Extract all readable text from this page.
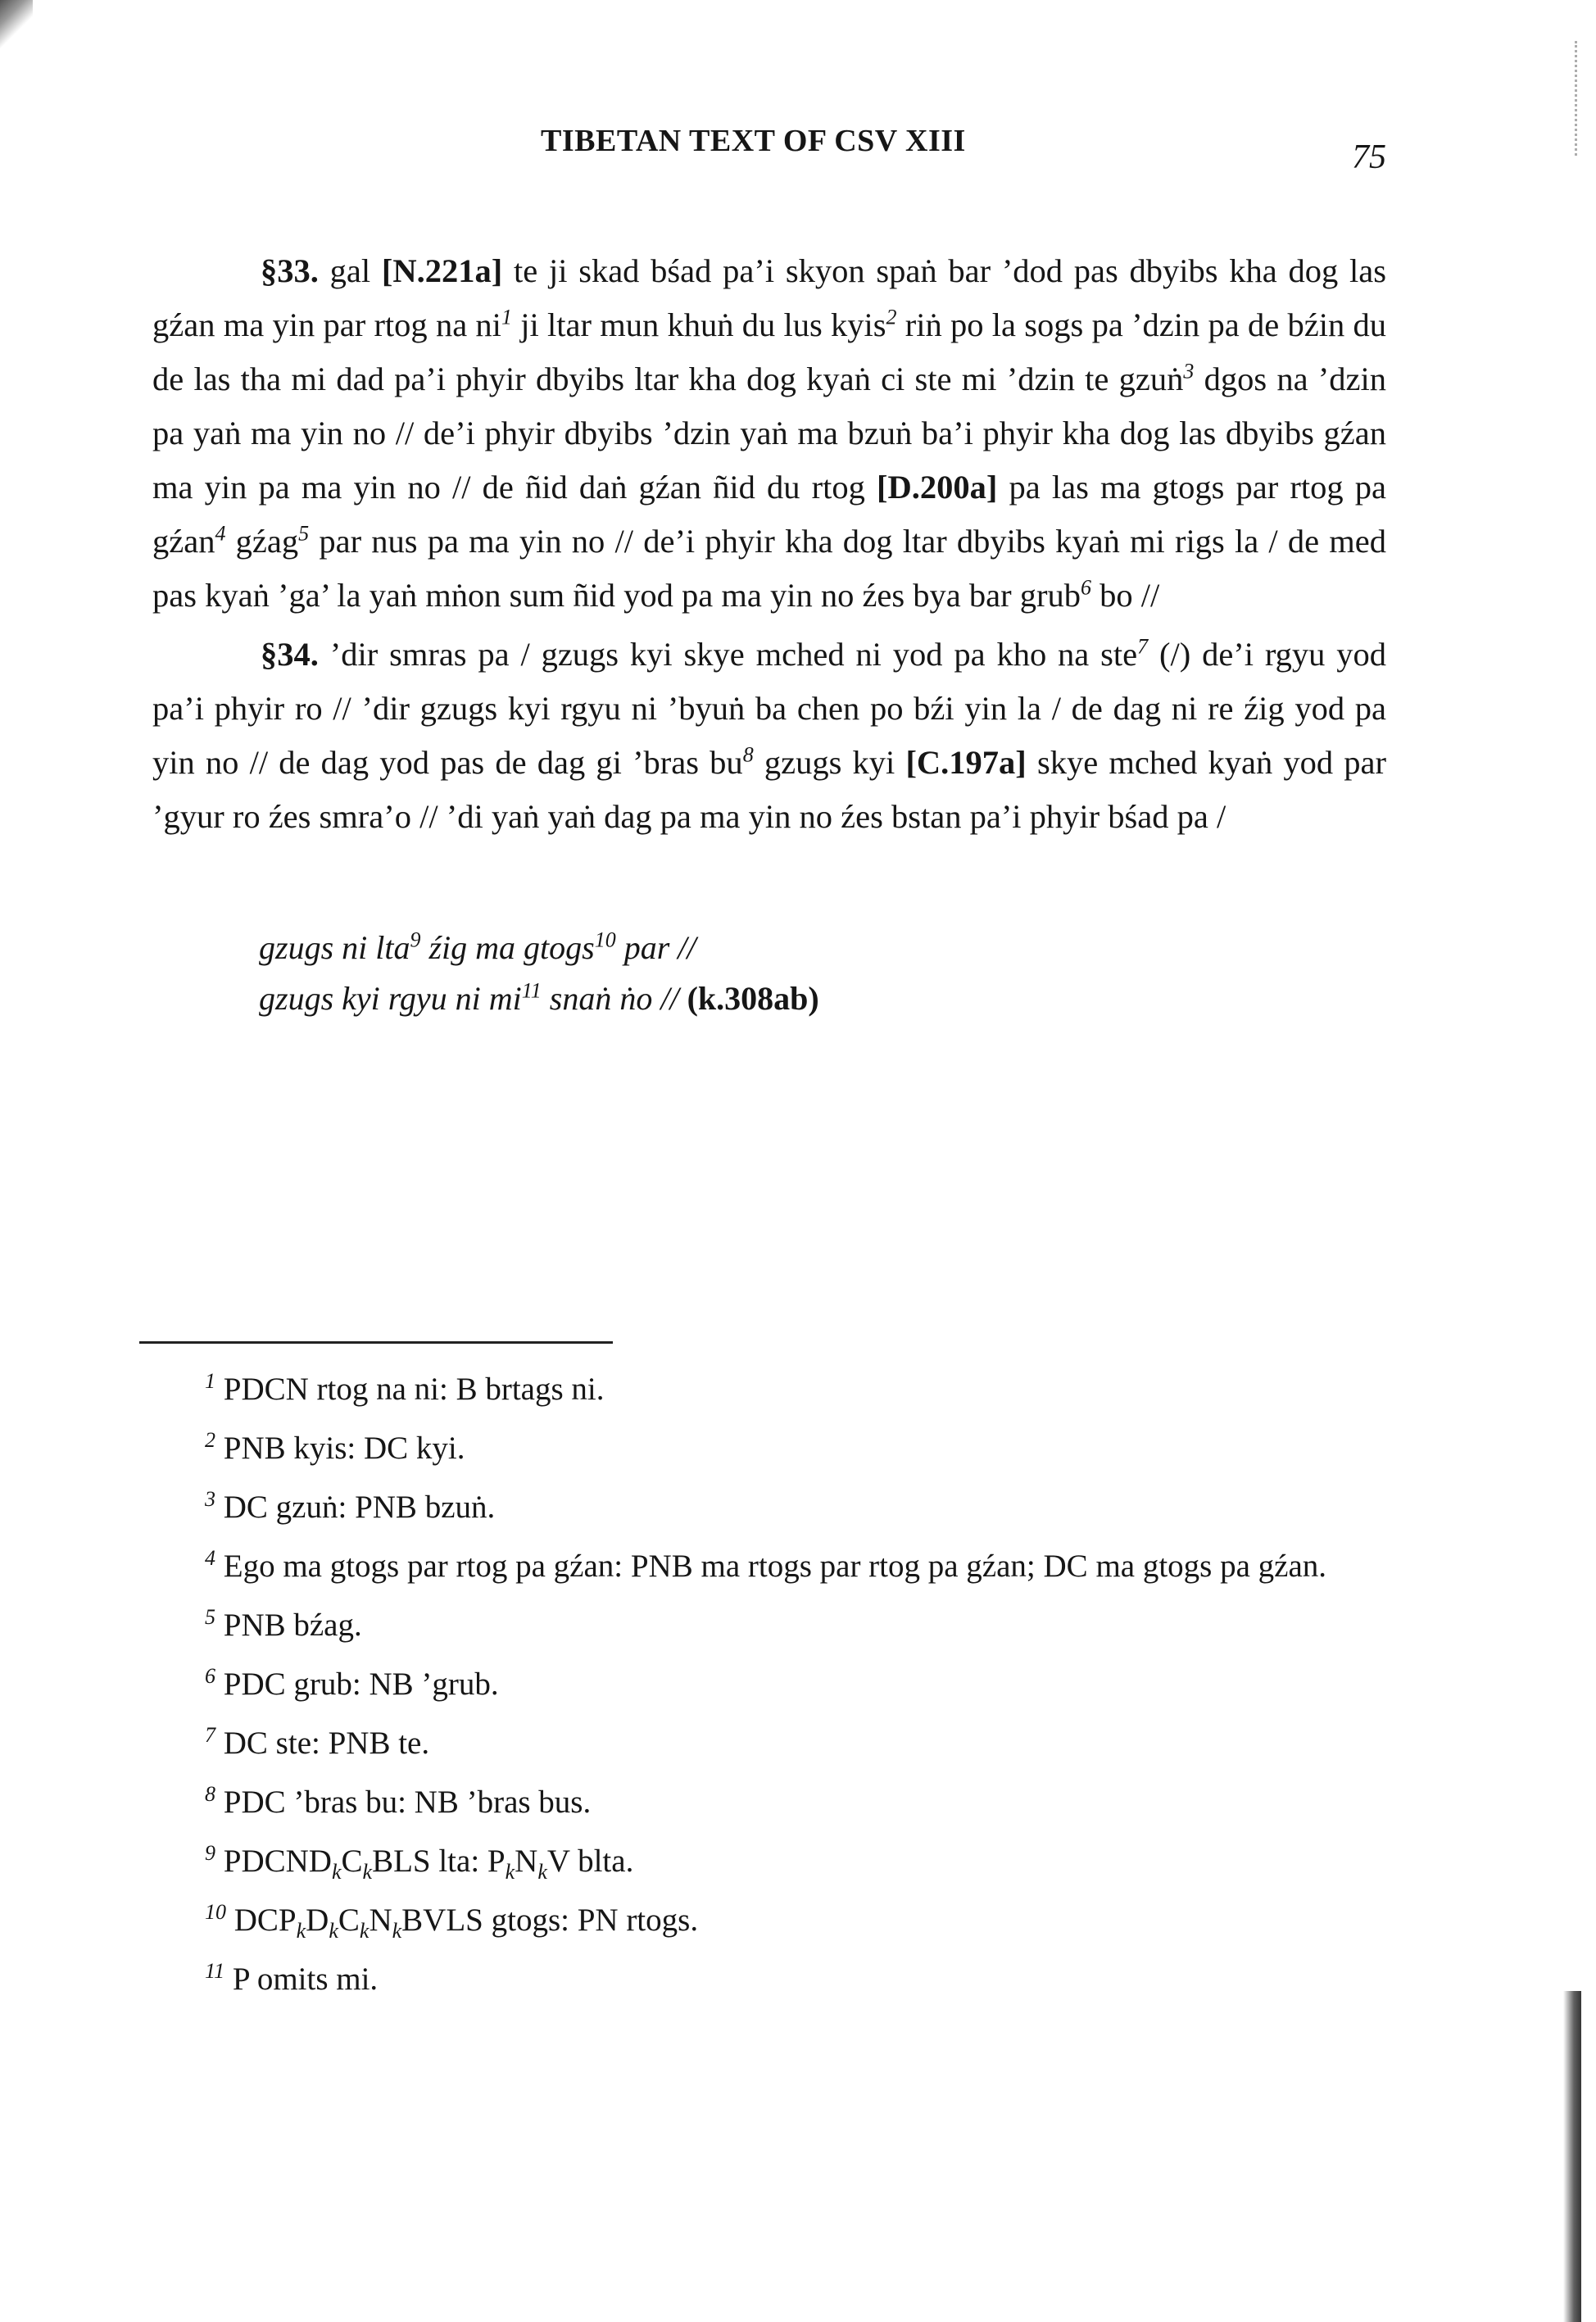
TIBETAN TEXT OF CSV XIII	75

§33. gal [N.221a] te ji skad bśad pa’i skyon spaṅ bar ’dod pas dbyibs kha dog las gźan ma yin par rtog na $ni^1$ ji ltar mun khuṅ du lus kyis$^2$ riṅ po la sogs pa ’dzin pa de bźin du de las tha mi dad pa’i phyir dbyibs ltar kha dog kyaṅ ci ste mi ’dzin te gzuṅ$^3$ dgos na ’dzin pa yaṅ ma yin no // de’i phyir dbyibs ’dzin yaṅ ma bzuṅ ba’i phyir kha dog las dbyibs gźan ma yin pa ma yin no // de ñid daṅ gźan ñid du rtog [D.200a] pa las ma gtogs par rtog pa gźan$^4$ gźag$^5$ par nus pa ma yin no // de’i phyir kha dog ltar dbyibs kyaṅ mi rigs la / de med pas kyaṅ ’ga’ la yaṅ mṅon sum ñid yod pa ma yin no źes bya bar grub$^6$ bo //

§34. ’dir smras pa / gzugs kyi skye mched ni yod pa kho na ste$^7$ (/) de’i rgyu yod pa’i phyir ro // ’dir gzugs kyi rgyu ni ’byuṅ ba chen po bźi yin la / de dag ni re źig yod pa yin no // de dag yod pas de dag gi ’bras $bu^8$ gzugs kyi [C.197a] skye mched kyaṅ yod par ’gyur ro źes smra’o // ’di yaṅ yaṅ dag pa ma yin no źes bstan pa’i phyir bśad pa /

gzugs ni lta$^9$ źig ma gtogs$^{10}$ par //
gzugs kyi rgyu ni $mi^{11}$ snaṅ ṅo // (k.308ab)

$^1$ PDCN rtog na ni: B brtags ni.

$^2$ PNB kyis: DC kyi.

$^3$ DC gzuṅ: PNB bzuṅ.

$^4$ Ego ma gtogs par rtog pa gźan: PNB ma rtogs par rtog pa gźan; DC ma gtogs pa gźan.

$^5$ PNB bźag.

$^6$ PDC grub: NB ’grub.

$^7$ DC ste: PNB te.

$^8$ PDC ’bras bu: NB ’bras bus.

$^9$ $PDCND_kC_kBLS$ lta: $P_kN_kV$ blta.

$^{10}$ $DCP_kD_kC_kN_kBVLS$ gtogs: PN rtogs.

$^{11}$ P omits mi.
